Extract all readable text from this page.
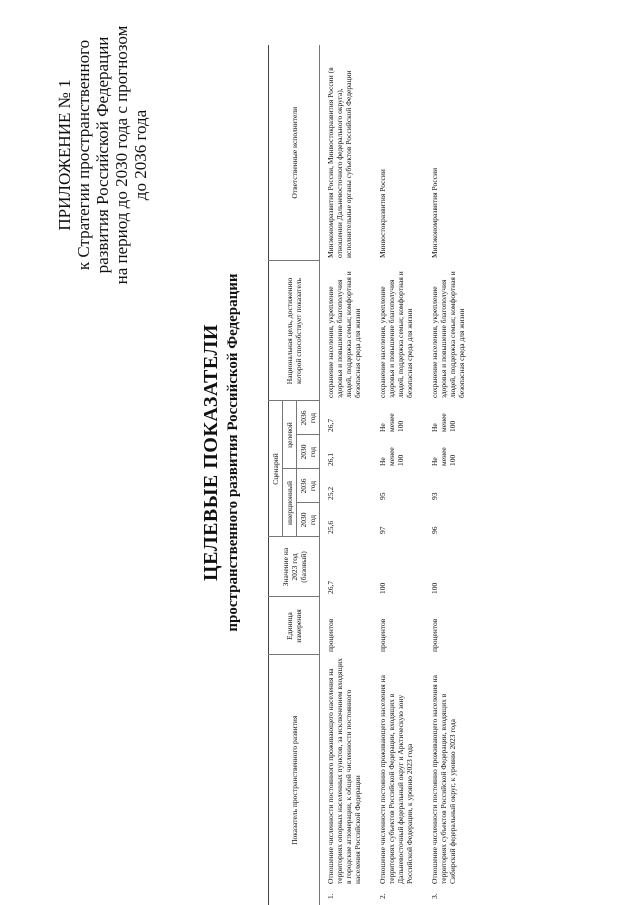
ПРИЛОЖЕНИЕ № 1 к Стратегии пространственного развития Российской Федерации на период до 2030 года с прогнозом до 2036 года
ЦЕЛЕВЫЕ ПОКАЗАТЕЛИ пространственного развития Российской Федерации
Показатель пространственного развития		Единица измерения	Значение на 2023 год (базовый)	Сценарий				Национальная цель, достижению которой способствует показатель	Ответственные исполнители
				инерционный		целевой			
				2030 год	2036 год	2030 год	2036 год		
1.	Отношение численности постоянного проживающего населения на территориях опорных населенных пунктов, за исключением входящих в городские агломерации, к общей численности постоянного населения Российской Федерации	процентов	26,7	25,6	25,2	26,1	26,7	сохранение населения, укрепление здоровья и повышение благополучия людей, поддержка семьи; комфортная и безопасная среда для жизни	Минэкономразвития России, Минвостокразвития России (в отношении Дальневосточного федерального округа), исполнительные органы субъектов Российской Федерации
2.	Отношение численности постоянно проживающего населения на территориях субъектов Российской Федерации, входящих в Дальневосточный федеральный округ и Арктическую зону Российской Федерации, к уровню 2023 года	процентов	100	97	95	Не менее 100	Не менее 100	сохранение населения, укрепление здоровья и повышение благополучия людей, поддержка семьи; комфортная и безопасная среда для жизни	Минвостокразвития России
3.	Отношение численности постоянно проживающего населения на территориях субъектов Российской Федерации, входящих в Сибирский федеральный округ, к уровню 2023 года	процентов	100	96	93	Не менее 100	Не менее 100	сохранение населения, укрепление здоровья и повышение благополучия людей, поддержка семьи; комфортная и безопасная среда для жизни	Минэкономразвития России
